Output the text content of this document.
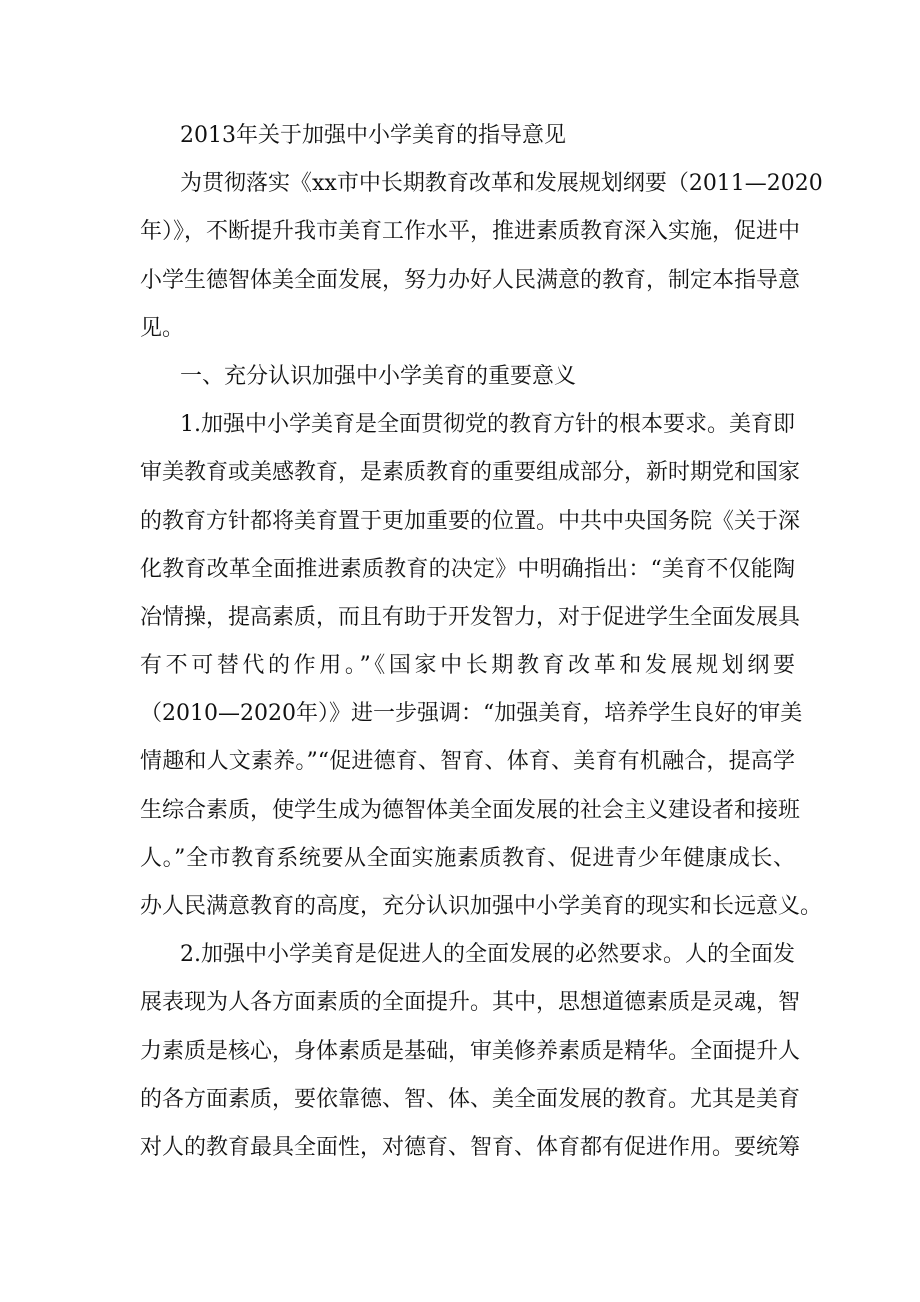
2013年关于加强中小学美育的指导意见
为贯彻落实《xx市中长期教育改革和发展规划纲要（2011—2020
年）》，不断提升我市美育工作水平，推进素质教育深入实施，促进中
小学生德智体美全面发展，努力办好人民满意的教育，制定本指导意
见。
一、充分认识加强中小学美育的重要意义
1.加强中小学美育是全面贯彻党的教育方针的根本要求。美育即
审美教育或美感教育，是素质教育的重要组成部分，新时期党和国家
的教育方针都将美育置于更加重要的位置。中共中央国务院《关于深
化教育改革全面推进素质教育的决定》中明确指出：“美育不仅能陶
冶情操，提高素质，而且有助于开发智力，对于促进学生全面发展具
有不可替代的作用。”《国家中长期教育改革和发展规划纲要
（2010—2020年）》进一步强调：“加强美育，培养学生良好的审美
情趣和人文素养。”“促进德育、智育、体育、美育有机融合，提高学
生综合素质，使学生成为德智体美全面发展的社会主义建设者和接班
人。”全市教育系统要从全面实施素质教育、促进青少年健康成长、
办人民满意教育的高度，充分认识加强中小学美育的现实和长远意义。
2.加强中小学美育是促进人的全面发展的必然要求。人的全面发
展表现为人各方面素质的全面提升。其中，思想道德素质是灵魂，智
力素质是核心，身体素质是基础，审美修养素质是精华。全面提升人
的各方面素质，要依靠德、智、体、美全面发展的教育。尤其是美育
对人的教育最具全面性，对德育、智育、体育都有促进作用。要统筹
